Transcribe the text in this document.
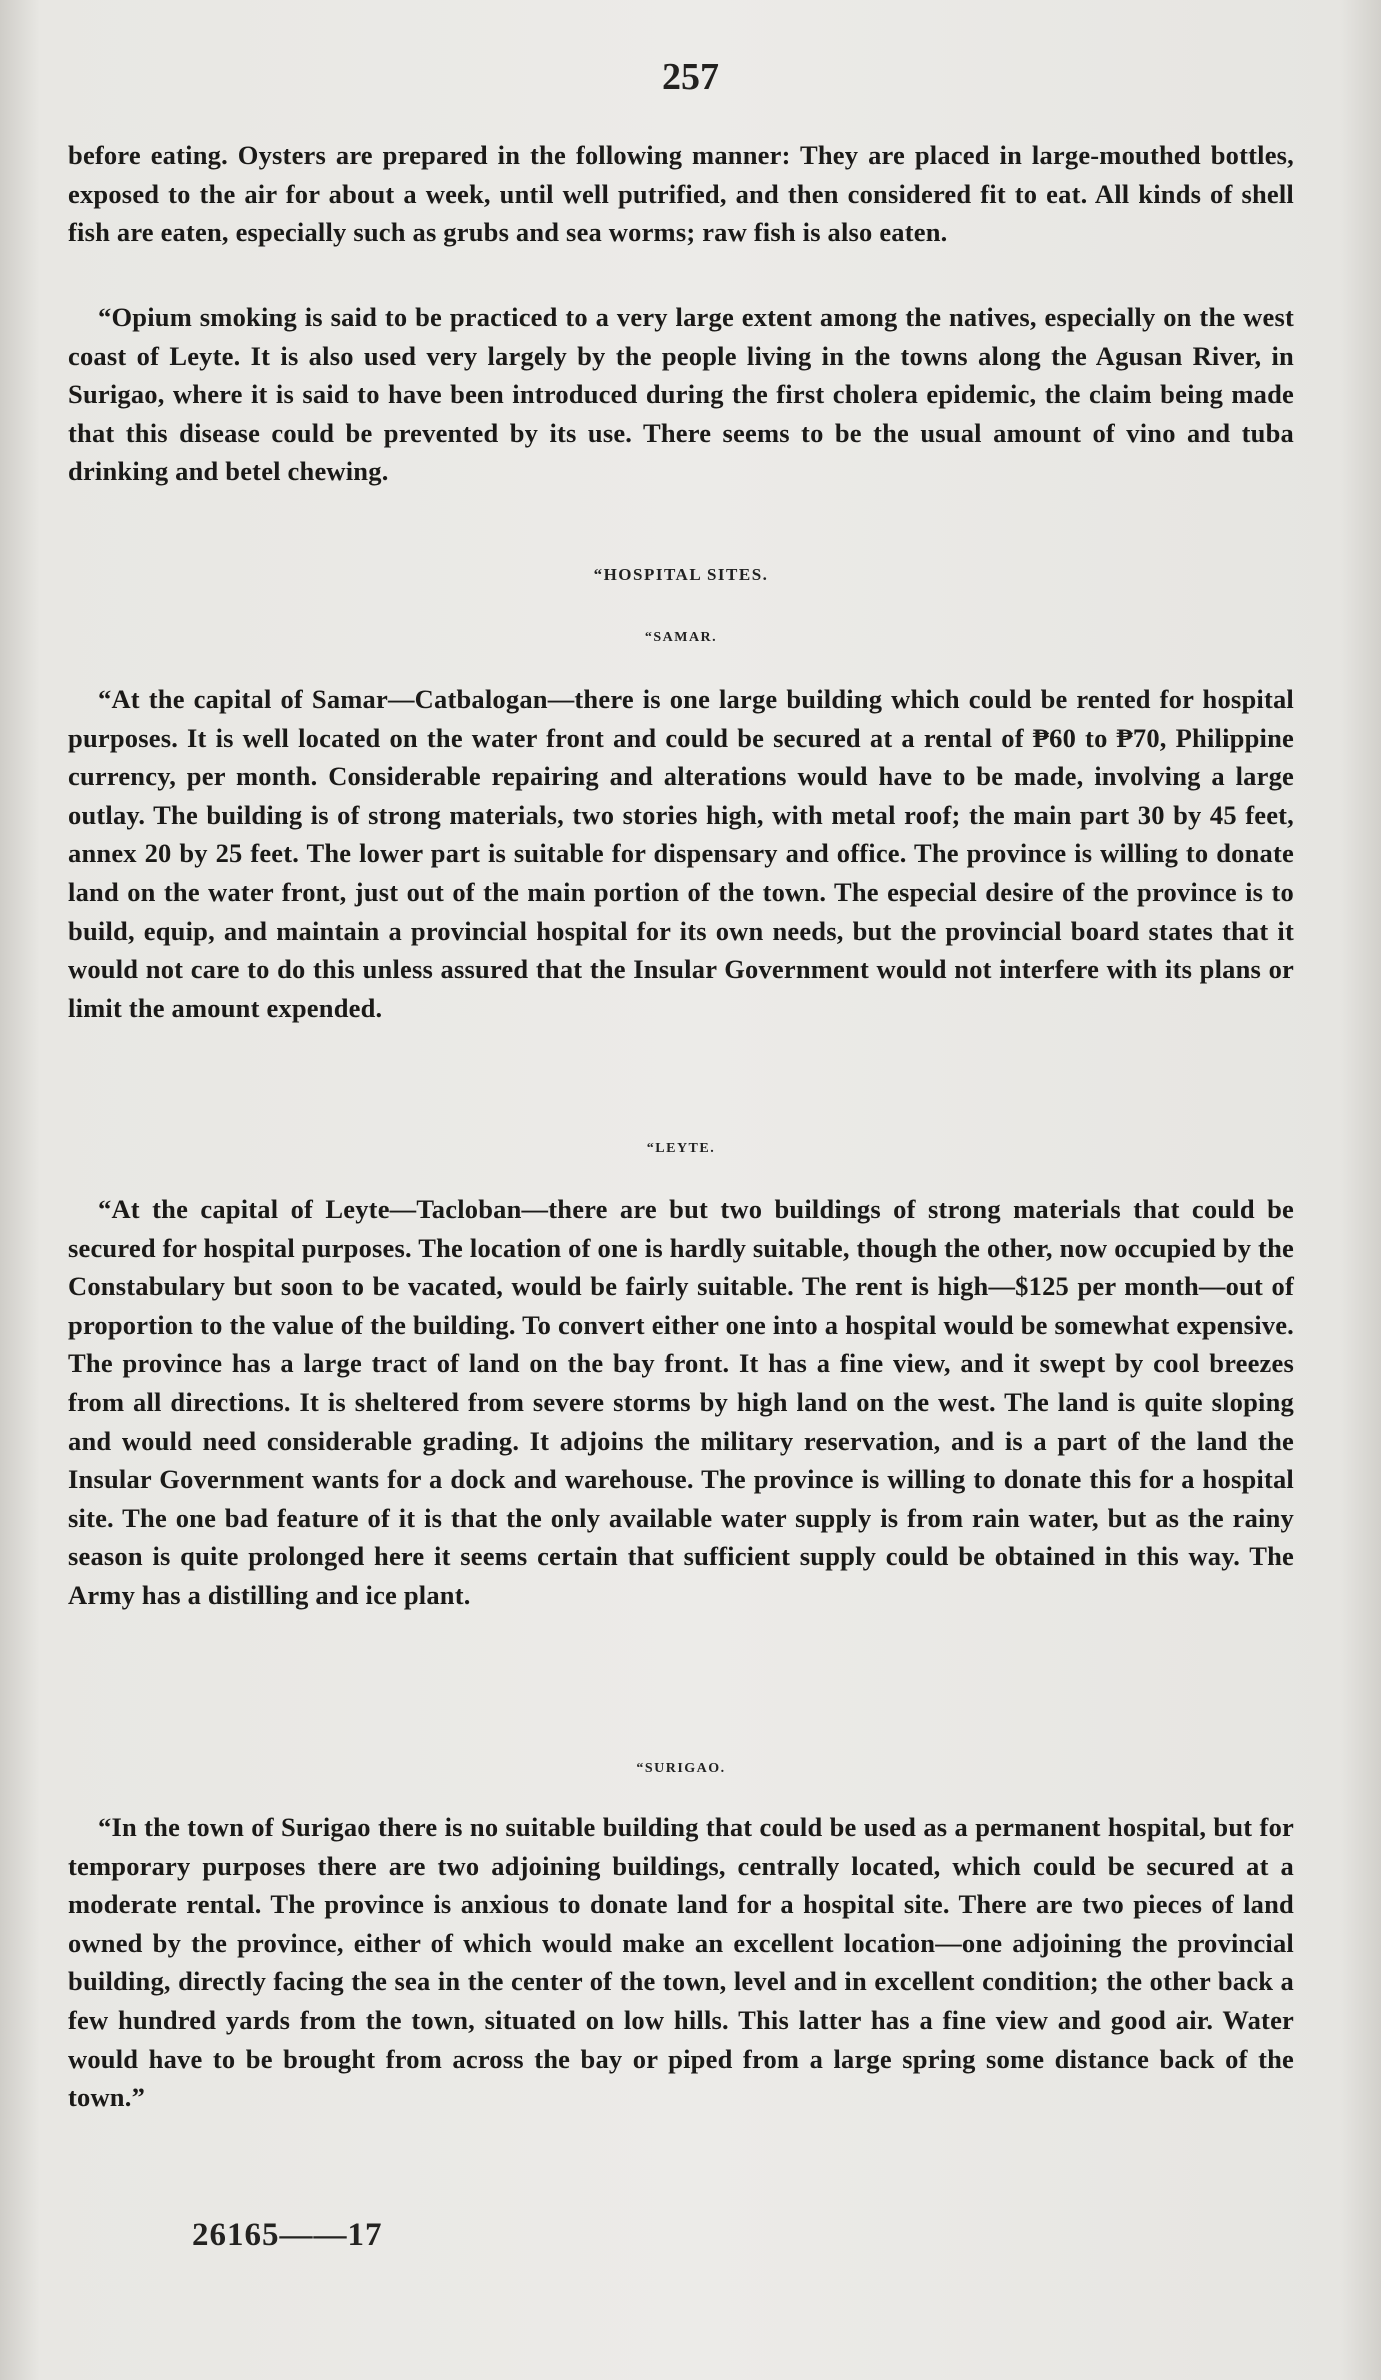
257

before eating. Oysters are prepared in the following manner: They are placed in large-mouthed bottles, exposed to the air for about a week, until well putrified, and then considered fit to eat. All kinds of shell fish are eaten, especially such as grubs and sea worms; raw fish is also eaten.

“Opium smoking is said to be practiced to a very large extent among the natives, especially on the west coast of Leyte. It is also used very largely by the people living in the towns along the Agusan River, in Surigao, where it is said to have been introduced during the first cholera epidemic, the claim being made that this disease could be prevented by its use. There seems to be the usual amount of vino and tuba drinking and betel chewing.

“HOSPITAL SITES.
“SAMAR.

“At the capital of Samar—Catbalogan—there is one large building which could be rented for hospital purposes. It is well located on the water front and could be secured at a rental of ₱60 to ₱70, Philippine currency, per month. Considerable repairing and alterations would have to be made, involving a large outlay. The building is of strong materials, two stories high, with metal roof; the main part 30 by 45 feet, annex 20 by 25 feet. The lower part is suitable for dispensary and office. The province is willing to donate land on the water front, just out of the main portion of the town. The especial desire of the province is to build, equip, and maintain a provincial hospital for its own needs, but the provincial board states that it would not care to do this unless assured that the Insular Government would not interfere with its plans or limit the amount expended.

“LEYTE.

“At the capital of Leyte—Tacloban—there are but two buildings of strong materials that could be secured for hospital purposes. The location of one is hardly suitable, though the other, now occupied by the Constabulary but soon to be vacated, would be fairly suitable. The rent is high—$125 per month—out of proportion to the value of the building. To convert either one into a hospital would be somewhat expensive. The province has a large tract of land on the bay front. It has a fine view, and it swept by cool breezes from all directions. It is sheltered from severe storms by high land on the west. The land is quite sloping and would need considerable grading. It adjoins the military reservation, and is a part of the land the Insular Government wants for a dock and warehouse. The province is willing to donate this for a hospital site. The one bad feature of it is that the only available water supply is from rain water, but as the rainy season is quite prolonged here it seems certain that sufficient supply could be obtained in this way. The Army has a distilling and ice plant.

“SURIGAO.

“In the town of Surigao there is no suitable building that could be used as a permanent hospital, but for temporary purposes there are two adjoining buildings, centrally located, which could be secured at a moderate rental. The province is anxious to donate land for a hospital site. There are two pieces of land owned by the province, either of which would make an excellent location—one adjoining the provincial building, directly facing the sea in the center of the town, level and in excellent condition; the other back a few hundred yards from the town, situated on low hills. This latter has a fine view and good air. Water would have to be brought from across the bay or piped from a large spring some distance back of the town.”

26165——17
